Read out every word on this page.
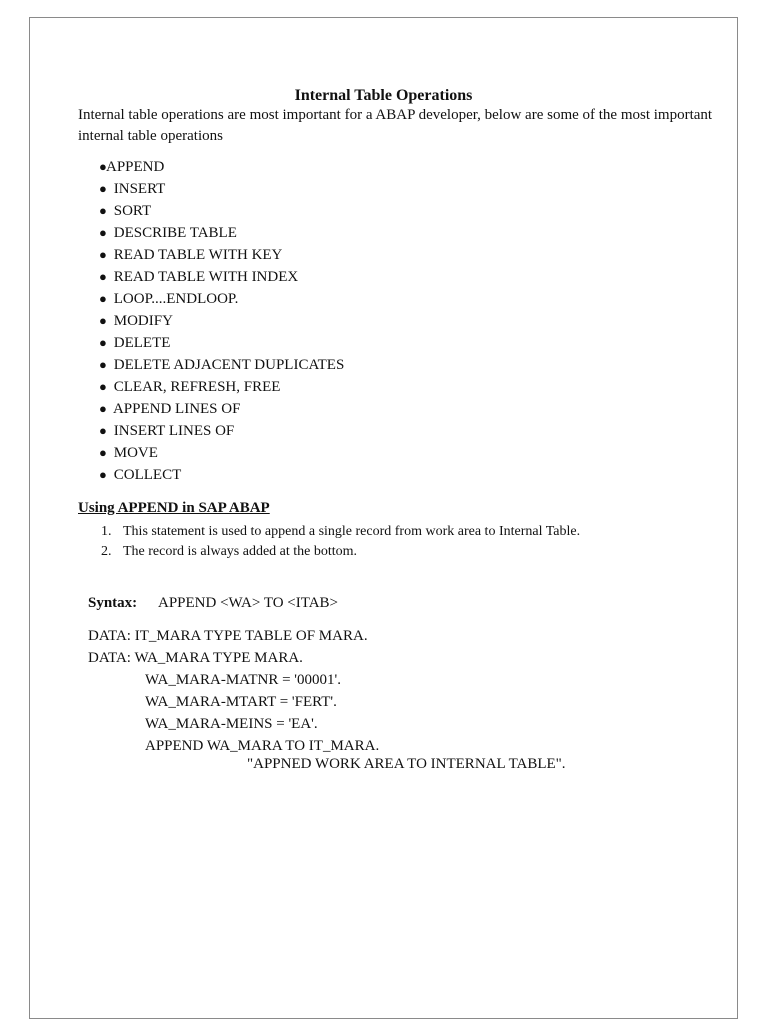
Internal Table Operations

Internal table operations are most important for a ABAP developer, below are some of the most important internal table operations

●APPEND
● INSERT
● SORT
● DESCRIBE TABLE
● READ TABLE WITH KEY
● READ TABLE WITH INDEX
● LOOP....ENDLOOP.
● MODIFY
● DELETE
● DELETE ADJACENT DUPLICATES
● CLEAR, REFRESH, FREE
● APPEND LINES OF
● INSERT LINES OF
● MOVE
● COLLECT
Using APPEND in SAP ABAP
1. This statement is used to append a single record from work area to Internal Table.
2. The record is always added at the bottom.

Syntax: APPEND <WA> TO <ITAB>

DATA: IT_MARA TYPE TABLE OF MARA.
DATA: WA_MARA TYPE MARA.
WA_MARA-MATNR = '00001'.
WA_MARA-MTART = 'FERT'.
WA_MARA-MEINS = 'EA'.
APPEND WA_MARA TO IT_MARA.
"APPNED WORK AREA TO INTERNAL TABLE".
